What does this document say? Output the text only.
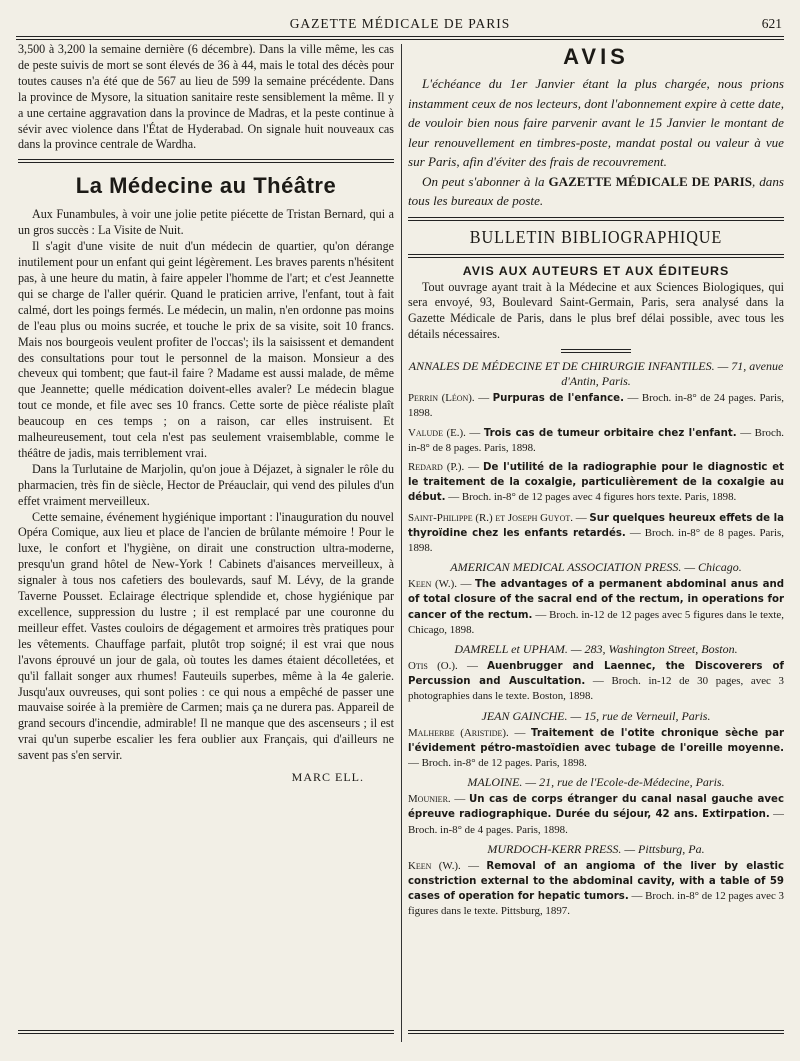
GAZETTE MÉDICALE DE PARIS	621

3,500 à 3,200 la semaine dernière (6 décembre). Dans la ville même, les cas de peste suivis de mort se sont élevés de 36 à 44, mais le total des décès pour toutes causes n'a été que de 567 au lieu de 599 la semaine précédente. Dans la province de Mysore, la situation sanitaire reste sensiblement la même. Il y a une certaine aggravation dans la province de Madras, et la peste continue à sévir avec violence dans l'État de Hyderabad. On signale huit nouveaux cas dans la province centrale de Wardha.

La Médecine au Théâtre

Aux Funambules, à voir une jolie petite piécette de Tristan Bernard, qui a un gros succès : La Visite de Nuit.

Il s'agit d'une visite de nuit d'un médecin de quartier, qu'on dérange inutilement pour un enfant qui geint légèrement. Les braves parents n'hésitent pas, à une heure du matin, à faire appeler l'homme de l'art; et c'est Jeannette qui se charge de l'aller quérir. Quand le praticien arrive, l'enfant, tout à fait calmé, dort les poings fermés. Le médecin, un malin, n'en ordonne pas moins de l'eau plus ou moins sucrée, et touche le prix de sa visite, soit 10 francs. Mais nos bourgeois veulent profiter de l'occas'; ils la saisissent et demandent des consultations pour tout le personnel de la maison. Monsieur a des cheveux qui tombent; que faut-il faire ? Madame est aussi malade, de même que Jeannette; quelle médication doivent-elles avaler? Le médecin blague tout ce monde, et file avec ses 10 francs. Cette sorte de pièce réaliste plaît beaucoup en ces temps ; on a raison, car elles instruisent. Et malheureusement, tout cela n'est pas seulement vraisemblable, comme le théâtre de jadis, mais terriblement vrai.

Dans la Turlutaine de Marjolin, qu'on joue à Déjazet, à signaler le rôle du pharmacien, très fin de siècle, Hector de Préauclair, qui vend des pilules d'un effet vraiment merveilleux.

Cette semaine, événement hygiénique important : l'inauguration du nouvel Opéra Comique, aux lieu et place de l'ancien de brûlante mémoire ! Pour le luxe, le confort et l'hygiène, on dirait une construction ultra-moderne, presqu'un grand hôtel de New-York ! Cabinets d'aisances merveilleux, à signaler à tous nos cafetiers des boulevards, sauf M. Lévy, de la grande Taverne Pousset. Eclairage électrique splendide et, chose hygiénique par excellence, suppression du lustre ; il est remplacé par une couronne du meilleur effet. Vastes couloirs de dégagement et armoires très pratiques pour les vêtements. Chauffage parfait, plutôt trop soigné; il est vrai que nous l'avons éprouvé un jour de gala, où toutes les dames étaient décolletées, et qu'il fallait songer aux rhumes! Fauteuils superbes, même à la 4e galerie. Jusqu'aux ouvreuses, qui sont polies : ce qui nous a empêché de passer une mauvaise soirée à la première de Carmen; mais ça ne durera pas. Appareil de grand secours d'incendie, admirable! Il ne manque que des ascenseurs ; il est vrai qu'un superbe escalier les fera oublier aux Français, qui d'ailleurs ne savent pas s'en servir.

MARC ELL.
AVIS

L'échéance du 1er Janvier étant la plus chargée, nous prions instamment ceux de nos lecteurs, dont l'abonnement expire à cette date, de vouloir bien nous faire parvenir avant le 15 Janvier le montant de leur renouvellement en timbres-poste, mandat postal ou valeur à vue sur Paris, afin d'éviter des frais de recouvrement.

On peut s'abonner à la GAZETTE MÉDICALE DE PARIS, dans tous les bureaux de poste.

BULLETIN BIBLIOGRAPHIQUE
AVIS AUX AUTEURS ET AUX ÉDITEURS

Tout ouvrage ayant trait à la Médecine et aux Sciences Biologiques, qui sera envoyé, 93, Boulevard Saint-Germain, Paris, sera analysé dans la Gazette Médicale de Paris, dans le plus bref délai possible, avec tous les détails nécessaires.

ANNALES DE MÉDECINE ET DE CHIRURGIE INFANTILES. — 71, avenue d'Antin, Paris.
Perrin (Léon). — Purpuras de l'enfance. — Broch. in-8° de 24 pages. Paris, 1898.
Valude (E.). — Trois cas de tumeur orbitaire chez l'enfant. — Broch. in-8° de 8 pages. Paris, 1898.
Redard (P.). — De l'utilité de la radiographie pour le diagnostic et le traitement de la coxalgie, particulièrement de la coxalgie au début. — Broch. in-8° de 12 pages avec 4 figures hors texte. Paris, 1898.
Saint-Philippe (R.) et Joseph Guyot. — Sur quelques heureux effets de la thyroïdine chez les enfants retardés. — Broch. in-8° de 8 pages. Paris, 1898.
AMERICAN MEDICAL ASSOCIATION PRESS. — Chicago.
Keen (W.). — The advantages of a permanent abdominal anus and of total closure of the sacral end of the rectum, in operations for cancer of the rectum. — Broch. in-12 de 12 pages avec 5 figures dans le texte, Chicago, 1898.
DAMRELL et UPHAM. — 283, Washington Street, Boston.
Otis (O.). — Auenbrugger and Laennec, the Discoverers of Percussion and Auscultation. — Broch. in-12 de 30 pages, avec 3 photographies dans le texte. Boston, 1898.
JEAN GAINCHE. — 15, rue de Verneuil, Paris.
Malherbe (Aristide). — Traitement de l'otite chronique sèche par l'évidement pétro-mastoïdien avec tubage de l'oreille moyenne. — Broch. in-8° de 12 pages. Paris, 1898.
MALOINE. — 21, rue de l'Ecole-de-Médecine, Paris.
Mounier. — Un cas de corps étranger du canal nasal gauche avec épreuve radiographique. Durée du séjour, 42 ans. Extirpation. — Broch. in-8° de 4 pages. Paris, 1898.
MURDOCH-KERR PRESS. — Pittsburg, Pa.
Keen (W.). — Removal of an angioma of the liver by elastic constriction external to the abdominal cavity, with a table of 59 cases of operation for hepatic tumors. — Broch. in-8° de 12 pages avec 3 figures dans le texte. Pittsburg, 1897.
